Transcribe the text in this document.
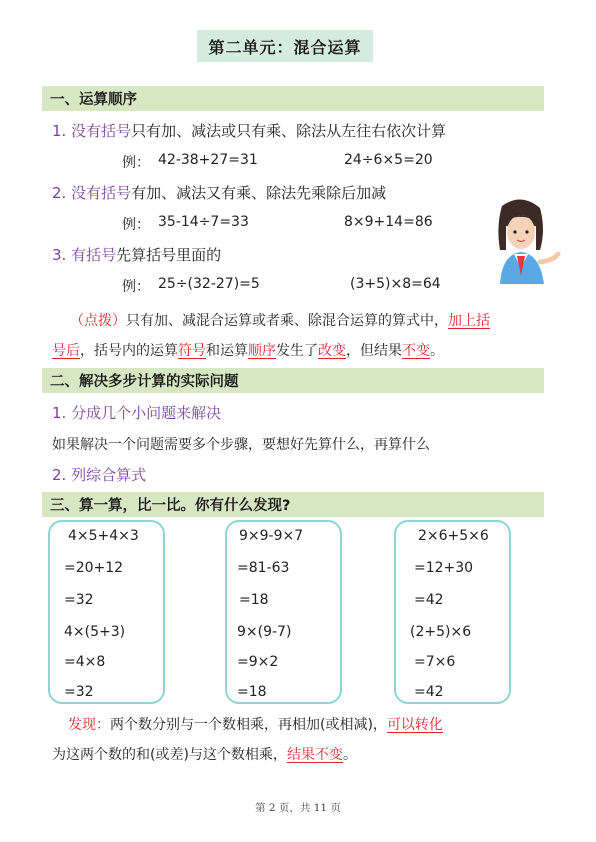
第二单元：混合运算
一、运算顺序
1. 没有括号只有加、减法或只有乘、除法从左往右依次计算
例： 42-38+27=31	24÷6×5=20
2. 没有括号有加、减法又有乘、除法先乘除后加减
例： 35-14÷7=33	8×9+14=86
3. 有括号先算括号里面的
例： 25÷(32-27)=5	(3+5)×8=64
（点拨）只有加、减混合运算或者乘、除混合运算的算式中，加上括
号后，括号内的运算符号和运算顺序发生了改变，但结果不变。
二、解决多步计算的实际问题
1. 分成几个小问题来解决
如果解决一个问题需要多个步骤，要想好先算什么，再算什么
2. 列综合算式
三、算一算，比一比。你有什么发现?
4×5+4×3
=20+12
=32
4×(5+3)
=4×8
=32
9×9-9×7
=81-63
=18
9×(9-7)
=9×2
=18
2×6+5×6
=12+30
=42
(2+5)×6
=7×6
=42
发现：两个数分别与一个数相乘，再相加(或相减)，可以转化
为这两个数的和(或差)与这个数相乘，结果不变。
第 2 页，共 11 页
